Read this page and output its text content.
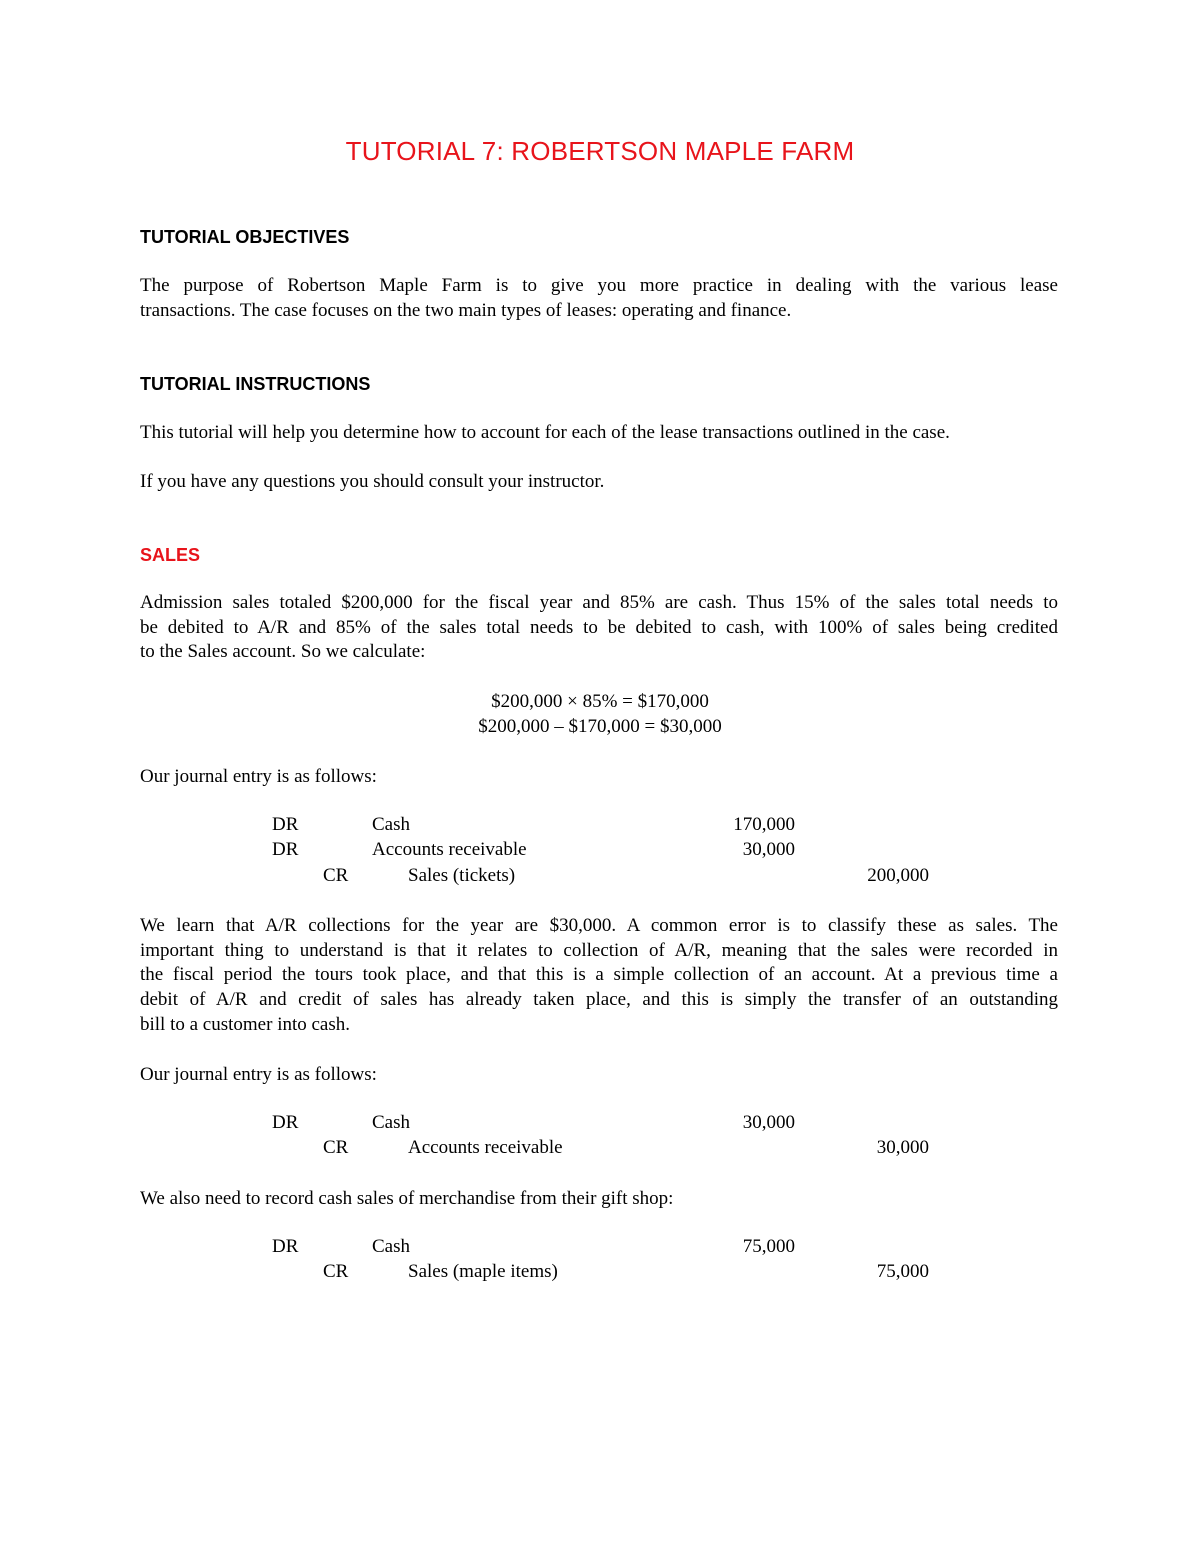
TUTORIAL 7: ROBERTSON MAPLE FARM
TUTORIAL OBJECTIVES
The purpose of Robertson Maple Farm is to give you more practice in dealing with the various lease
transactions. The case focuses on the two main types of leases: operating and finance.
TUTORIAL INSTRUCTIONS
This tutorial will help you determine how to account for each of the lease transactions outlined in the case.
If you have any questions you should consult your instructor.
SALES
Admission sales totaled $200,000 for the fiscal year and 85% are cash. Thus 15% of the sales total needs to
be debited to A/R and 85% of the sales total needs to be debited to cash, with 100% of sales being credited
to the Sales account. So we calculate:
$200,000 × 85% = $170,000
$200,000 – $170,000 = $30,000
Our journal entry is as follows:
DR	Cash	170,000
DR	Accounts receivable	30,000
CR	Sales (tickets)	200,000
We learn that A/R collections for the year are $30,000. A common error is to classify these as sales. The
important thing to understand is that it relates to collection of A/R, meaning that the sales were recorded in
the fiscal period the tours took place, and that this is a simple collection of an account. At a previous time a
debit of A/R and credit of sales has already taken place, and this is simply the transfer of an outstanding
bill to a customer into cash.
Our journal entry is as follows:
DR	Cash	30,000
CR	Accounts receivable	30,000
We also need to record cash sales of merchandise from their gift shop:
DR	Cash	75,000
CR	Sales (maple items)	75,000
